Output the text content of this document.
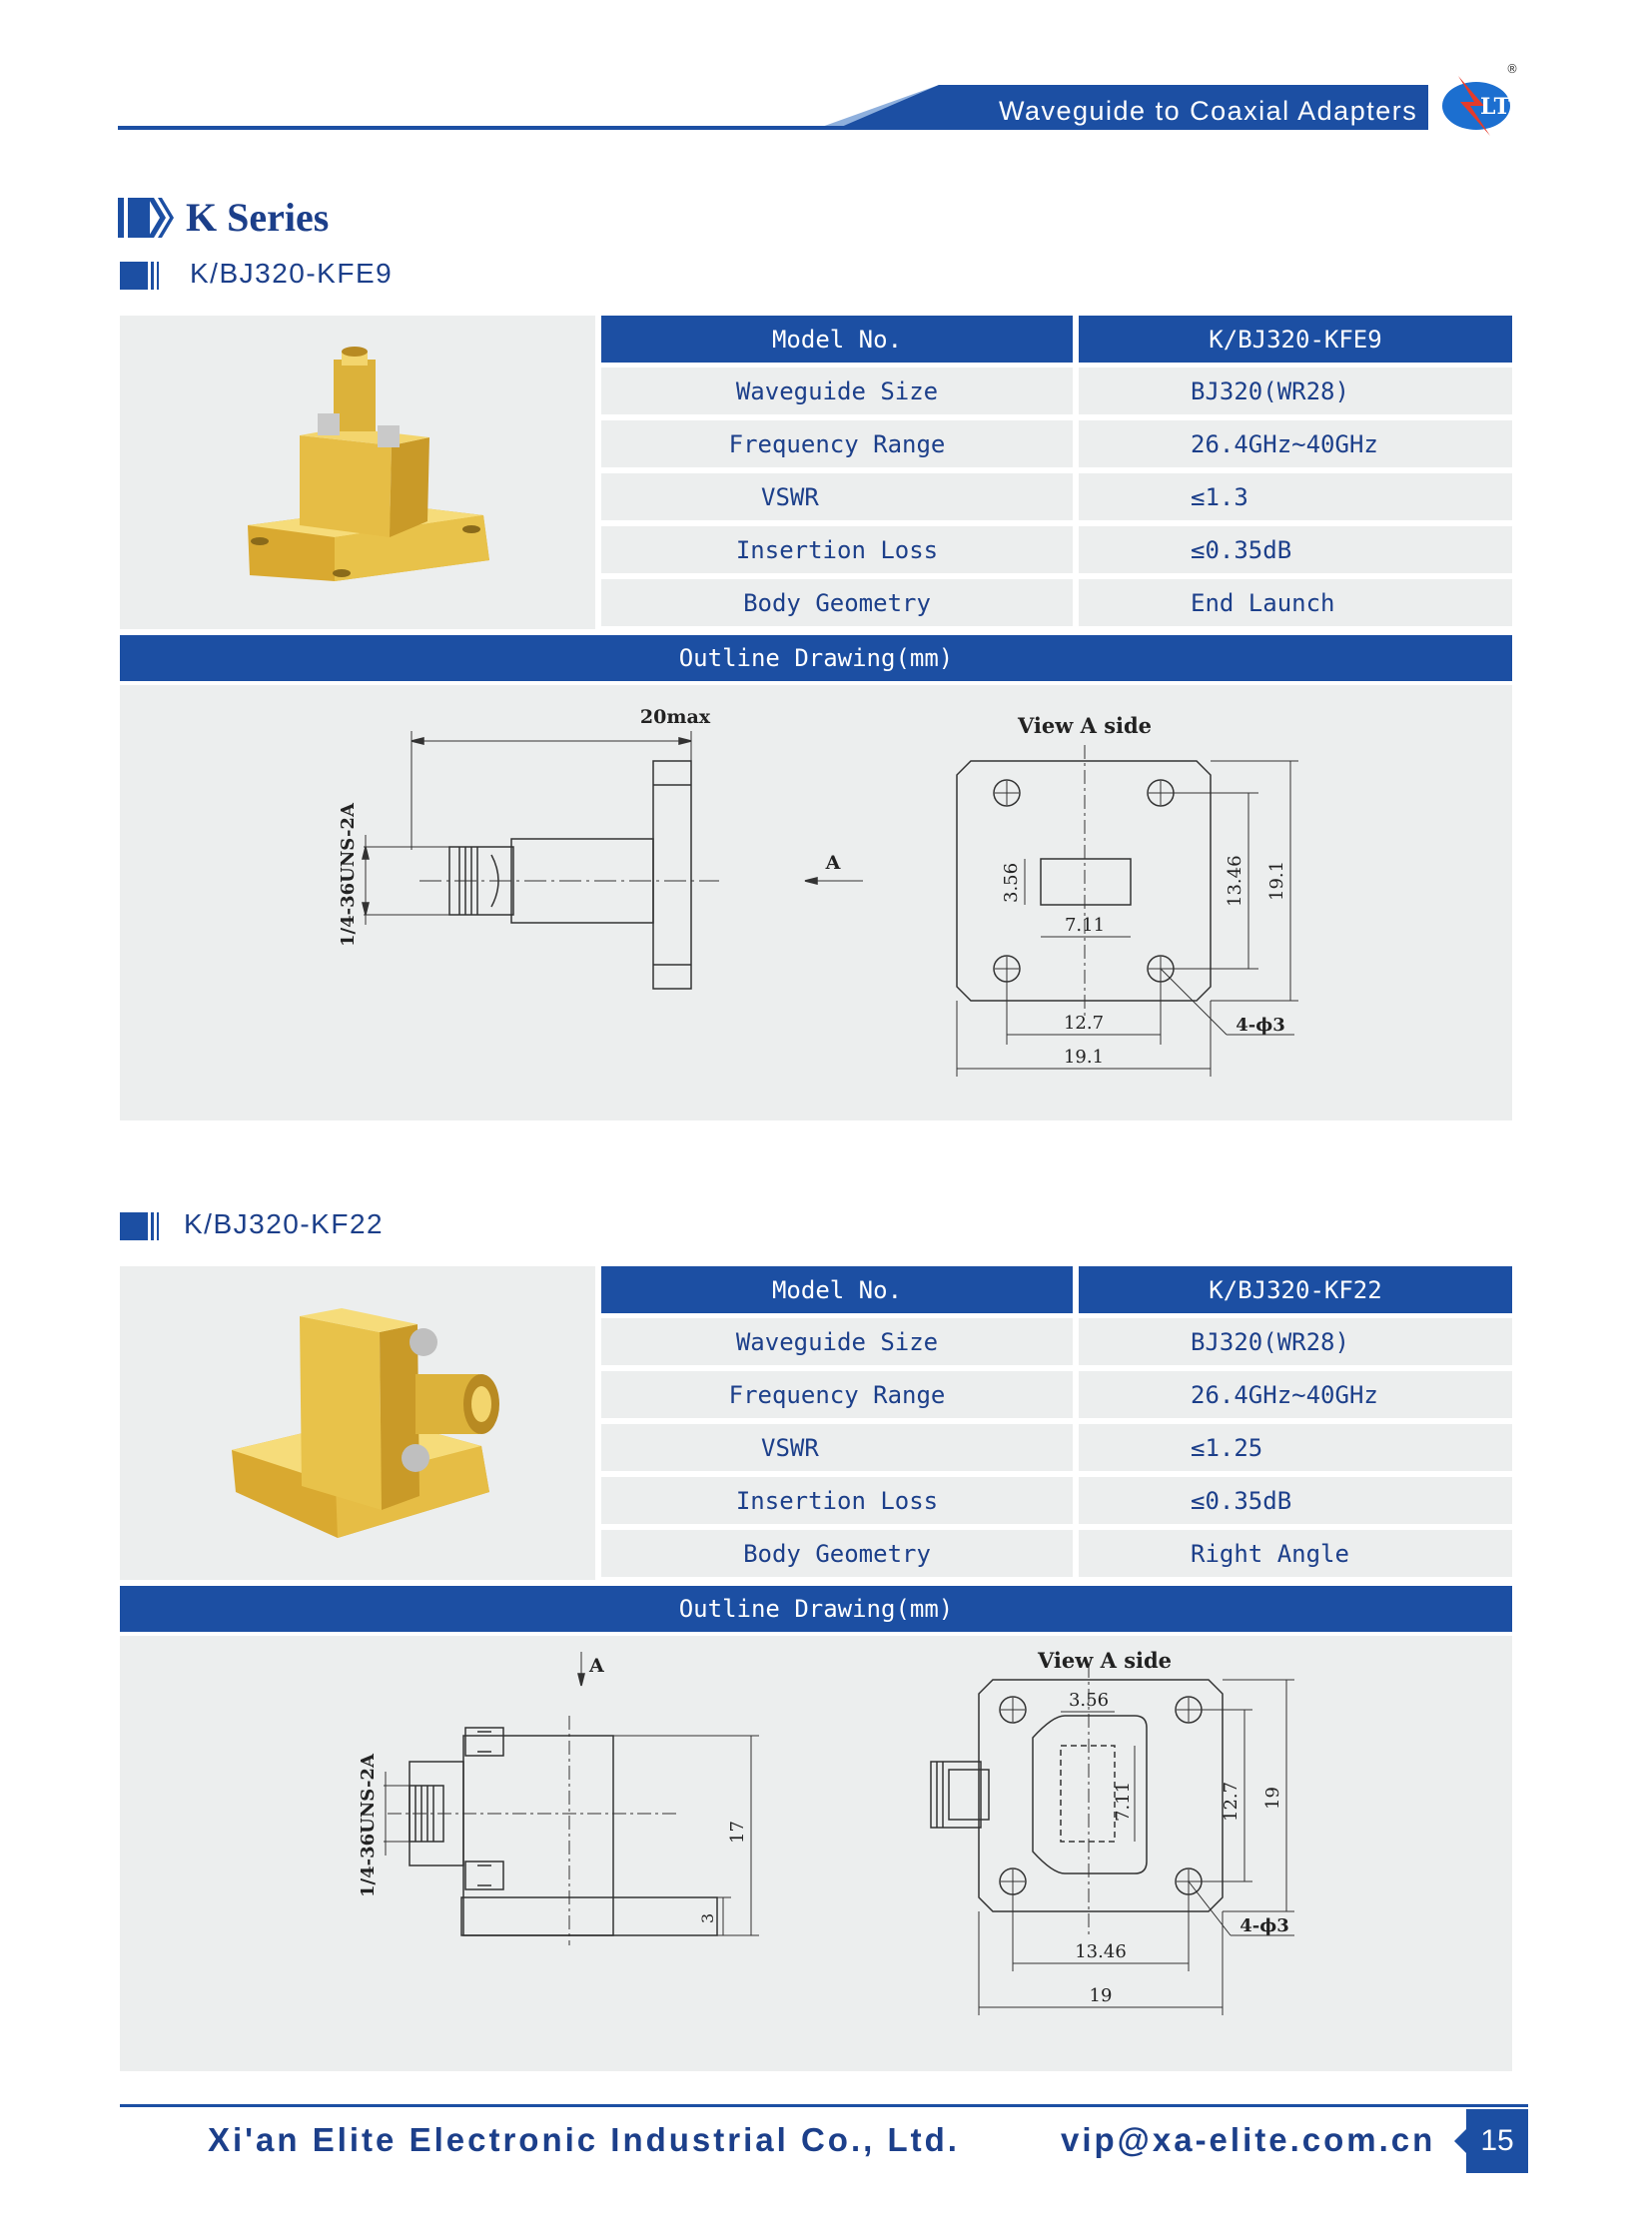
Waveguide to Coaxial Adapters	LT
®
K Series
K/BJ320-KFE9
Model No.	K/BJ320-KFE9
Waveguide Size	BJ320(WR28)
Frequency Range	26.4GHz~40GHz
VSWR	≤1.3
Insertion Loss	≤0.35dB
Body Geometry	End Launch
Outline Drawing(mm)
20max
1/4-36UNS-2A	A
View A side
3.56
7.11
13.46 19.1
12.7
19.1
4-ϕ3
K/BJ320-KF22
Model No.	K/BJ320-KF22
Waveguide Size	BJ320(WR28)
Frequency Range	26.4GHz~40GHz
VSWR	≤1.25
Insertion Loss	≤0.35dB
Body Geometry	Right Angle
Outline Drawing(mm)
A
1/4-36UNS-2A	17
3
View A side
3.56
7.11	12.7 19
13.46
19
4-ϕ3
Xi'an Elite Electronic Industrial Co., Ltd.	vip@xa-elite.com.cn	15
